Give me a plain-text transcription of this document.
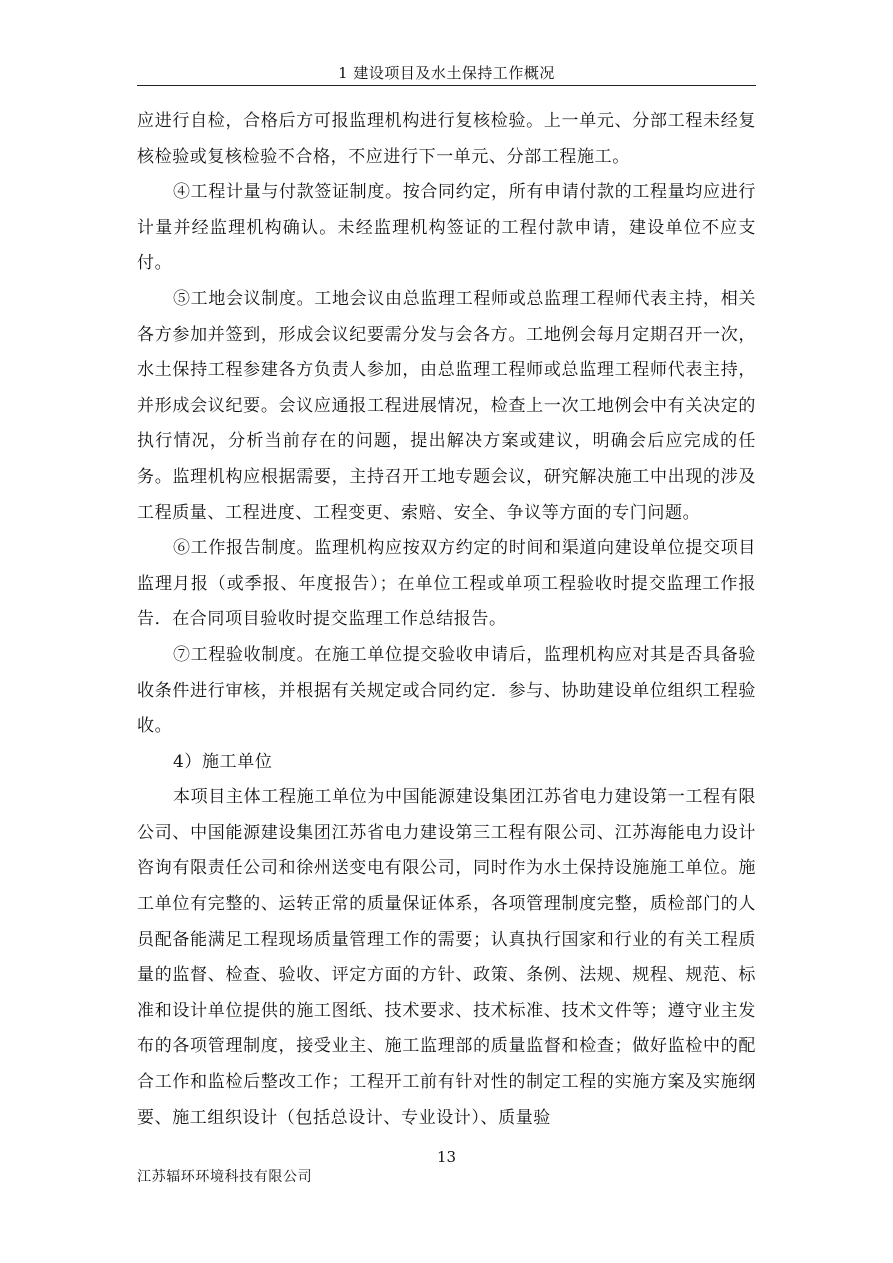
1 建设项目及水土保持工作概况

应进行自检，合格后方可报监理机构进行复核检验。上一单元、分部工程未经复核检验或复核检验不合格，不应进行下一单元、分部工程施工。

④工程计量与付款签证制度。按合同约定，所有申请付款的工程量均应进行计量并经监理机构确认。未经监理机构签证的工程付款申请，建设单位不应支付。

⑤工地会议制度。工地会议由总监理工程师或总监理工程师代表主持，相关各方参加并签到，形成会议纪要需分发与会各方。工地例会每月定期召开一次，水土保持工程参建各方负责人参加，由总监理工程师或总监理工程师代表主持，并形成会议纪要。会议应通报工程进展情况，检查上一次工地例会中有关决定的执行情况，分析当前存在的问题，提出解决方案或建议，明确会后应完成的任务。监理机构应根据需要，主持召开工地专题会议，研究解决施工中出现的涉及工程质量、工程进度、工程变更、索赔、安全、争议等方面的专门问题。

⑥工作报告制度。监理机构应按双方约定的时间和渠道向建设单位提交项目监理月报（或季报、年度报告）；在单位工程或单项工程验收时提交监理工作报告．在合同项目验收时提交监理工作总结报告。

⑦工程验收制度。在施工单位提交验收申请后，监理机构应对其是否具备验收条件进行审核，并根据有关规定或合同约定．参与、协助建设单位组织工程验收。

4）施工单位

本项目主体工程施工单位为中国能源建设集团江苏省电力建设第一工程有限公司、中国能源建设集团江苏省电力建设第三工程有限公司、江苏海能电力设计咨询有限责任公司和徐州送变电有限公司，同时作为水土保持设施施工单位。施工单位有完整的、运转正常的质量保证体系，各项管理制度完整，质检部门的人员配备能满足工程现场质量管理工作的需要；认真执行国家和行业的有关工程质量的监督、检查、验收、评定方面的方针、政策、条例、法规、规程、规范、标准和设计单位提供的施工图纸、技术要求、技术标准、技术文件等；遵守业主发布的各项管理制度，接受业主、施工监理部的质量监督和检查；做好监检中的配合工作和监检后整改工作；工程开工前有针对性的制定工程的实施方案及实施纲要、施工组织设计（包括总设计、专业设计）、质量验

13
江苏辐环环境科技有限公司
